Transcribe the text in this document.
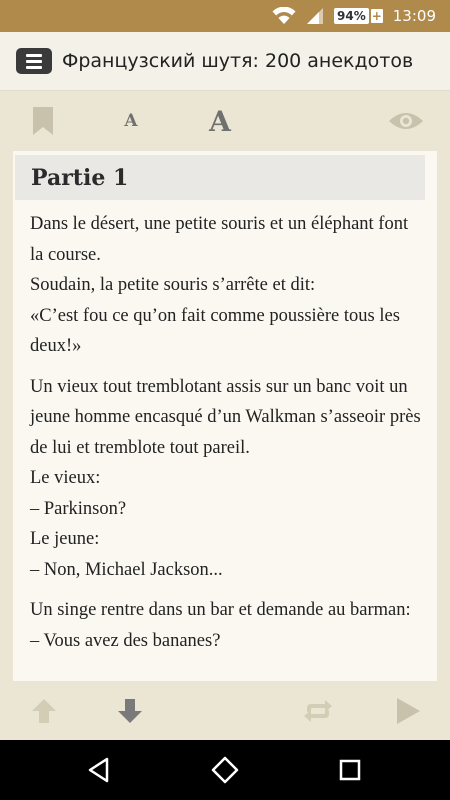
94% + 13:09
Французский шутя: 200 анекдотов
A	A
Partie 1

Dans le désert, une petite souris et un éléphant font la course.

Soudain, la petite souris s’arrête et dit:

«C’est fou ce qu’on fait comme poussière tous les deux!»

Un vieux tout tremblotant assis sur un banc voit un jeune homme encasqué d’un Walkman s’asseoir près de lui et tremblote tout pareil.

Le vieux:

– Parkinson?

Le jeune:

– Non, Michael Jackson...

Un singe rentre dans un bar et demande au barman:

– Vous avez des bananes?
